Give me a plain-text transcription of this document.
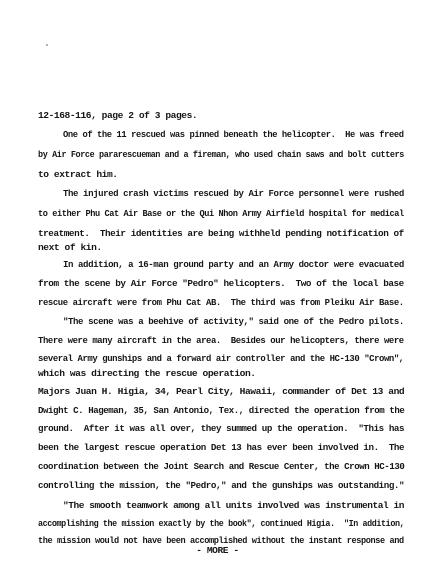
12-168-116, page 2 of 3 pages.
One of the 11 rescued was pinned beneath the helicopter.  He was freed
by Air Force pararescueman and a fireman, who used chain saws and bolt cutters
to extract him.
The injured crash victims rescued by Air Force personnel were rushed
to either Phu Cat Air Base or the Qui Nhon Army Airfield hospital for medical
treatment.  Their identities are being withheld pending notification of
next of kin.
In addition, a 16-man ground party and an Army doctor were evacuated
from the scene by Air Force "Pedro" helicopters.  Two of the local base
rescue aircraft were from Phu Cat AB.  The third was from Pleiku Air Base.
"The scene was a beehive of activity," said one of the Pedro pilots.
There were many aircraft in the area.  Besides our helicopters, there were
several Army gunships and a forward air controller and the HC-130 "Crown",
which was directing the rescue operation.
Majors Juan H. Higia, 34, Pearl City, Hawaii, commander of Det 13 and
Dwight C. Hageman, 35, San Antonio, Tex., directed the operation from the
ground.  After it was all over, they summed up the operation.  "This has
been the largest rescue operation Det 13 has ever been involved in.  The
coordination between the Joint Search and Rescue Center, the Crown HC-130
controlling the mission, the "Pedro," and the gunships was outstanding."
"The smooth teamwork among all units involved was instrumental in
accomplishing the mission exactly by the book", continued Higia.  "In addition,
the mission would not have been accomplished without the instant response and
- MORE -
